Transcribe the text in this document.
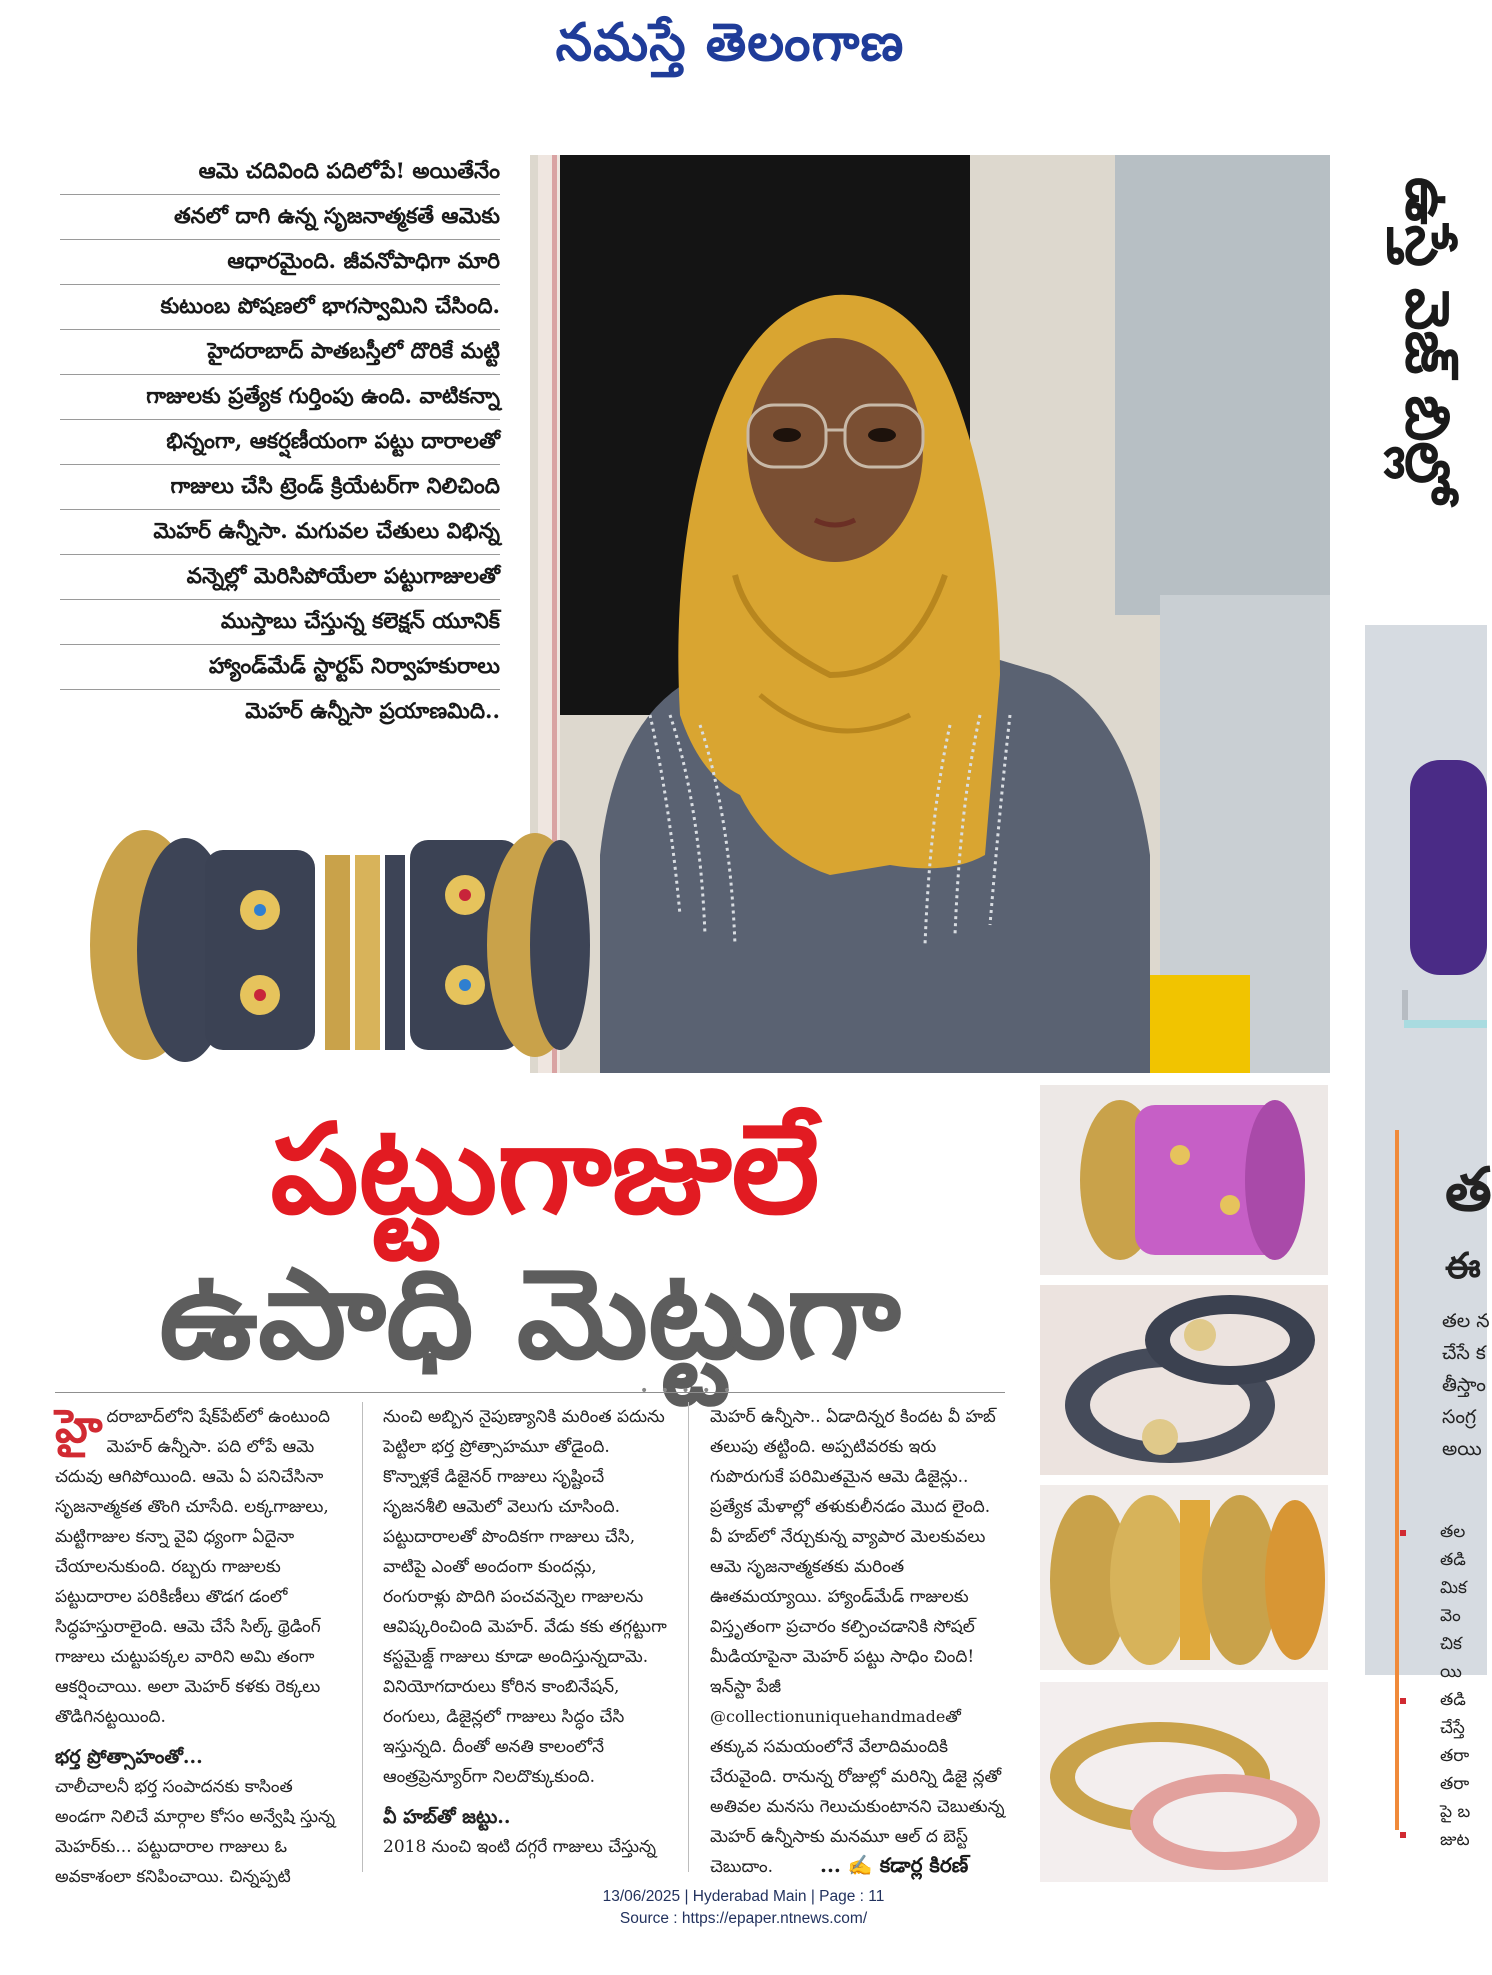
నమస్తే తెలంగాణ
ఆమె చదివింది పదిలోపే! అయితేనేం
తనలో దాగి ఉన్న సృజనాత్మకతే ఆమెకు
ఆధారమైంది. జీవనోపాధిగా మారి
కుటుంబ పోషణలో భాగస్వామిని చేసింది.
హైదరాబాద్ పాతబస్తీలో దొరికే మట్టి
గాజులకు ప్రత్యేక గుర్తింపు ఉంది. వాటికన్నా
భిన్నంగా, ఆకర్షణీయంగా పట్టు దారాలతో
గాజులు చేసి ట్రెండ్ క్రియేటర్‌గా నిలిచింది
మెహర్ ఉన్నీసా. మగువల చేతులు విభిన్న
వన్నెల్లో మెరిసిపోయేలా పట్టుగాజులతో
ముస్తాబు చేస్తున్న కలెక్షన్ యూనిక్
హ్యాండ్‌మేడ్ స్టార్టప్ నిర్వాహకురాలు
మెహర్ ఉన్నీసా ప్రయాణమిది..
పట్టుగాజులే
ఉపాధి మెట్టుగా
• • • • •

హైదరాబాద్‌లోని షేక్‌పేట్‌లో ఉంటుంది మెహర్ ఉన్నీసా. పది లోపే ఆమె చదువు ఆగిపోయింది. ఆమె ఏ పనిచేసినా సృజనాత్మకత తొంగి చూసేది. లక్కగాజులు, మట్టిగాజుల కన్నా వైవి ధ్యంగా ఏదైనా చేయాలనుకుంది. రబ్బరు గాజులకు పట్టుదారాల పరికిణీలు తొడగ డంలో సిద్ధహస్తురాలైంది. ఆమె చేసే సిల్క్ థ్రెడింగ్ గాజులు చుట్టుపక్కల వారిని అమి తంగా ఆకర్షించాయి. అలా మెహర్ కళకు రెక్కలు తొడిగినట్టయింది.

భర్త ప్రోత్సాహంతో...

చాలీచాలనీ భర్త సంపాదనకు కాసింత అండగా నిలిచే మార్గాల కోసం అన్వేషి స్తున్న మెహర్‌కు... పట్టుదారాల గాజులు ఓ అవకాశంలా కనిపించాయి. చిన్నప్పటి

నుంచి అబ్బిన నైపుణ్యానికి మరింత పదును పెట్టిలా భర్త ప్రోత్సాహమూ తోడైంది. కొన్నాళ్లకే డిజైనర్ గాజులు సృష్టించే సృజనశీలి ఆమెలో వెలుగు చూసింది. పట్టుదారాలతో పొందికగా గాజులు చేసి, వాటిపై ఎంతో అందంగా కుందన్లు, రంగురాళ్లు పొదిగి పంచవన్నెల గాజులను ఆవిష్కరించింది మెహర్. వేడు కకు తగ్గట్టుగా కస్టమైజ్డ్ గాజులు కూడా అందిస్తున్నదామె. వినియోగదారులు కోరిన కాంబినేషన్, రంగులు, డిజైన్లలో గాజులు సిద్ధం చేసి ఇస్తున్నది. దీంతో అనతి కాలంలోనే ఆంత్రప్రెన్యూర్‌గా నిలదొక్కుకుంది.

వీ హబ్‌తో జట్టు..

2018 నుంచి ఇంటి దగ్గరే గాజులు చేస్తున్న

మెహర్ ఉన్నీసా.. ఏడాదిన్నర కిందట వీ హబ్ తలుపు తట్టింది. అప్పటివరకు ఇరు గుపొరుగుకే పరిమితమైన ఆమె డిజైన్లు.. ప్రత్యేక మేళాల్లో తళుకులీనడం మొద లైంది. వీ హబ్‌లో నేర్చుకున్న వ్యాపార మెలకువలు ఆమె సృజనాత్మకతకు మరింత ఊతమయ్యాయి. హ్యాండ్‌మేడ్ గాజులకు విస్తృతంగా ప్రచారం కల్పించడానికి సోషల్ మీడియాపైనా మెహర్ పట్టు సాధిం చింది! ఇన్‌స్టా పేజీ

@collectionuniquehandmadeతో

తక్కువ సమయంలోనే వేలాదిమందికి చేరువైంది. రానున్న రోజుల్లో మరిన్ని డిజై న్లతో అతివల మనసు గెలుచుకుంటానని చెబుతున్న మెహర్ ఉన్నీసాకు మనమూ ఆల్ ద బెస్ట్ చెబుదాం.	... ✍ కడార్ల కిరణ్
ఉస్తే వెజ్ బిల్లో
త
ఈ
తల న
చేసే క
తీస్తాం
సంగ్ర
అయి
తల
తడి
మిక
వెం
చిక
యి
తడి
చేస్తే
తరా
తరా
పై బ
జుట
13/06/2025 | Hyderabad Main | Page : 11
Source : https://epaper.ntnews.com/
